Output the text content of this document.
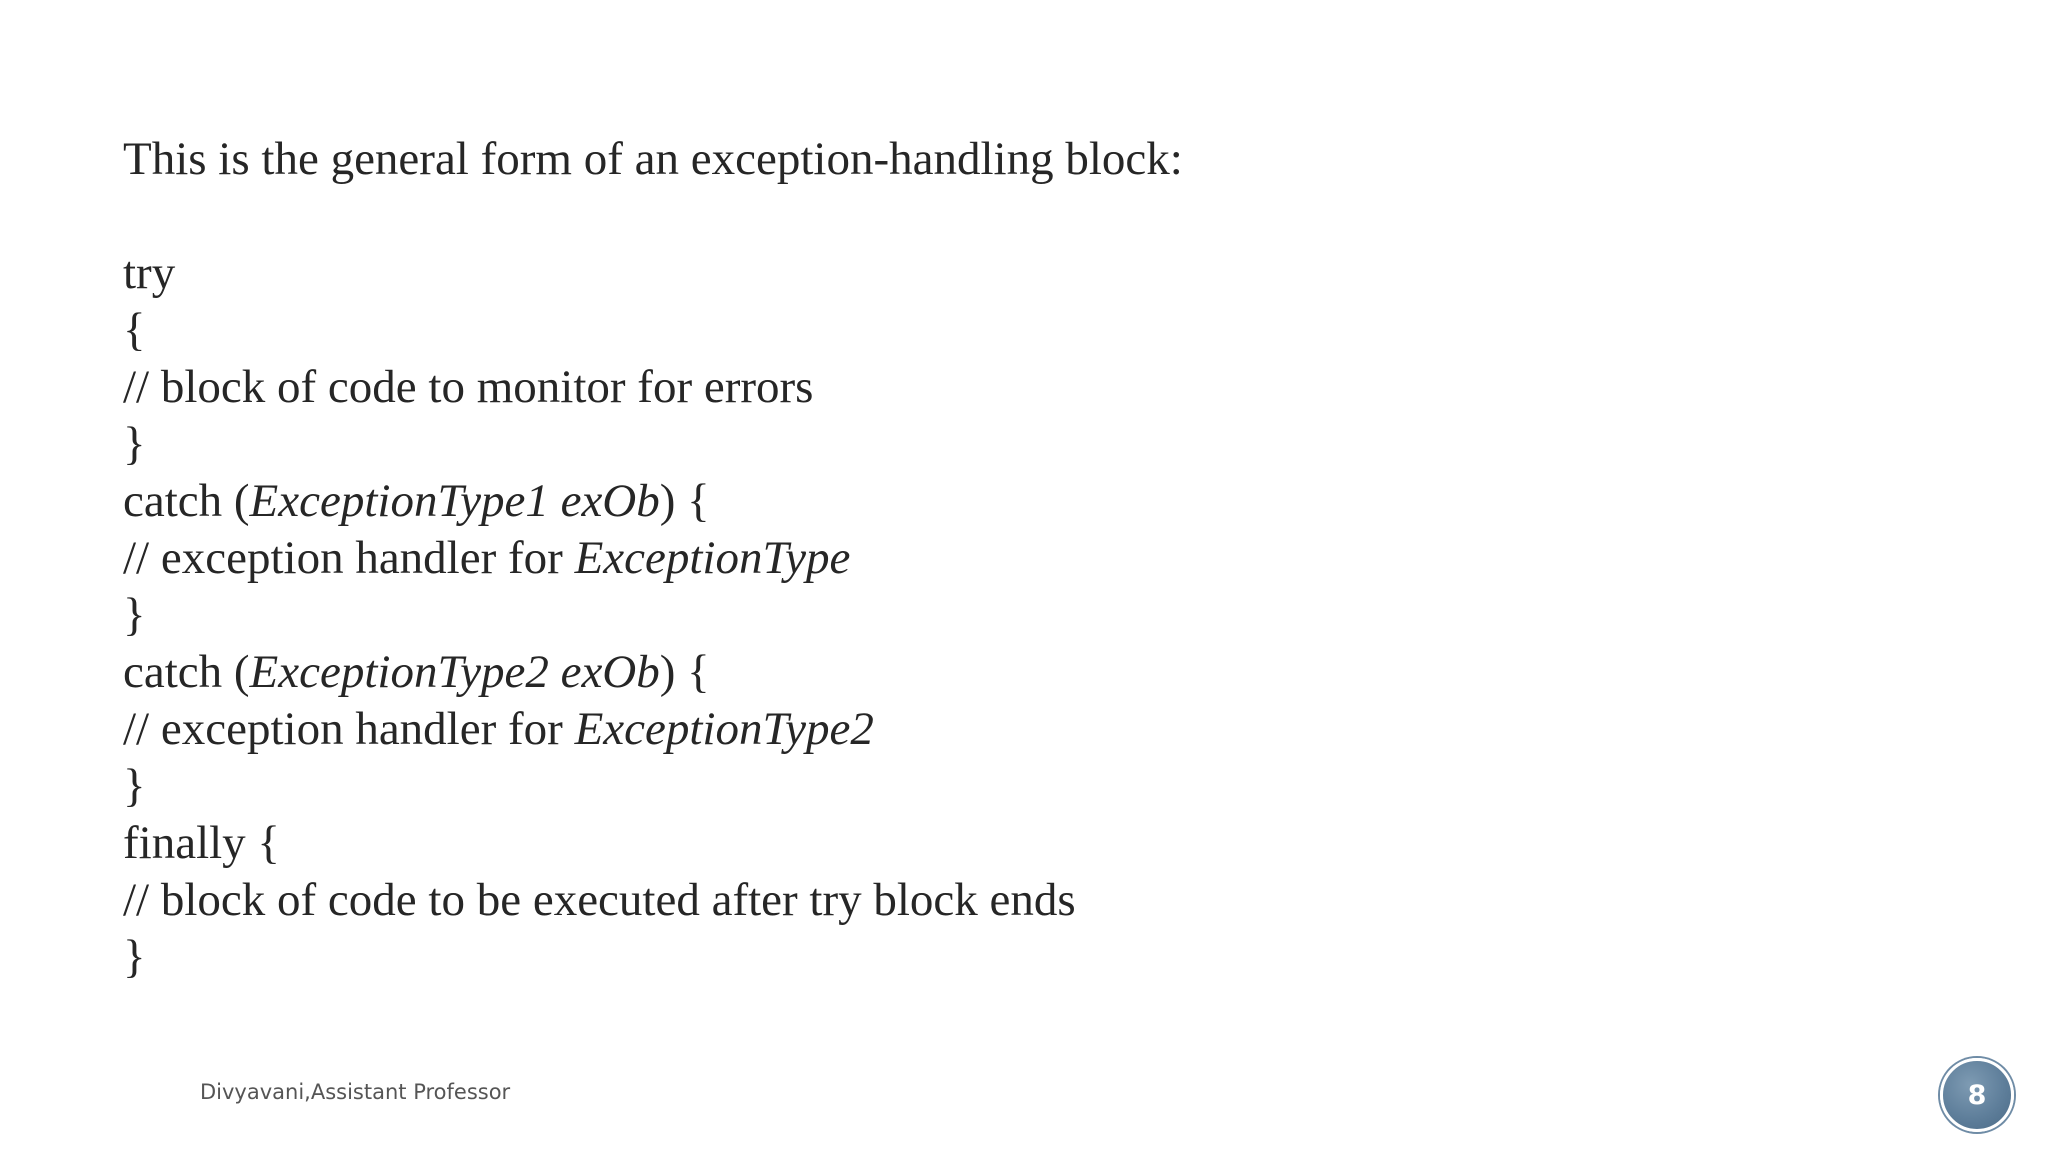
This is the general form of an exception-handling block:
try
{
// block of code to monitor for errors
}
catch (ExceptionType1 exOb) {
// exception handler for ExceptionType
}
catch (ExceptionType2 exOb) {
// exception handler for ExceptionType2
}
finally {
// block of code to be executed after try block ends
}
Divyavani,Assistant Professor	8
